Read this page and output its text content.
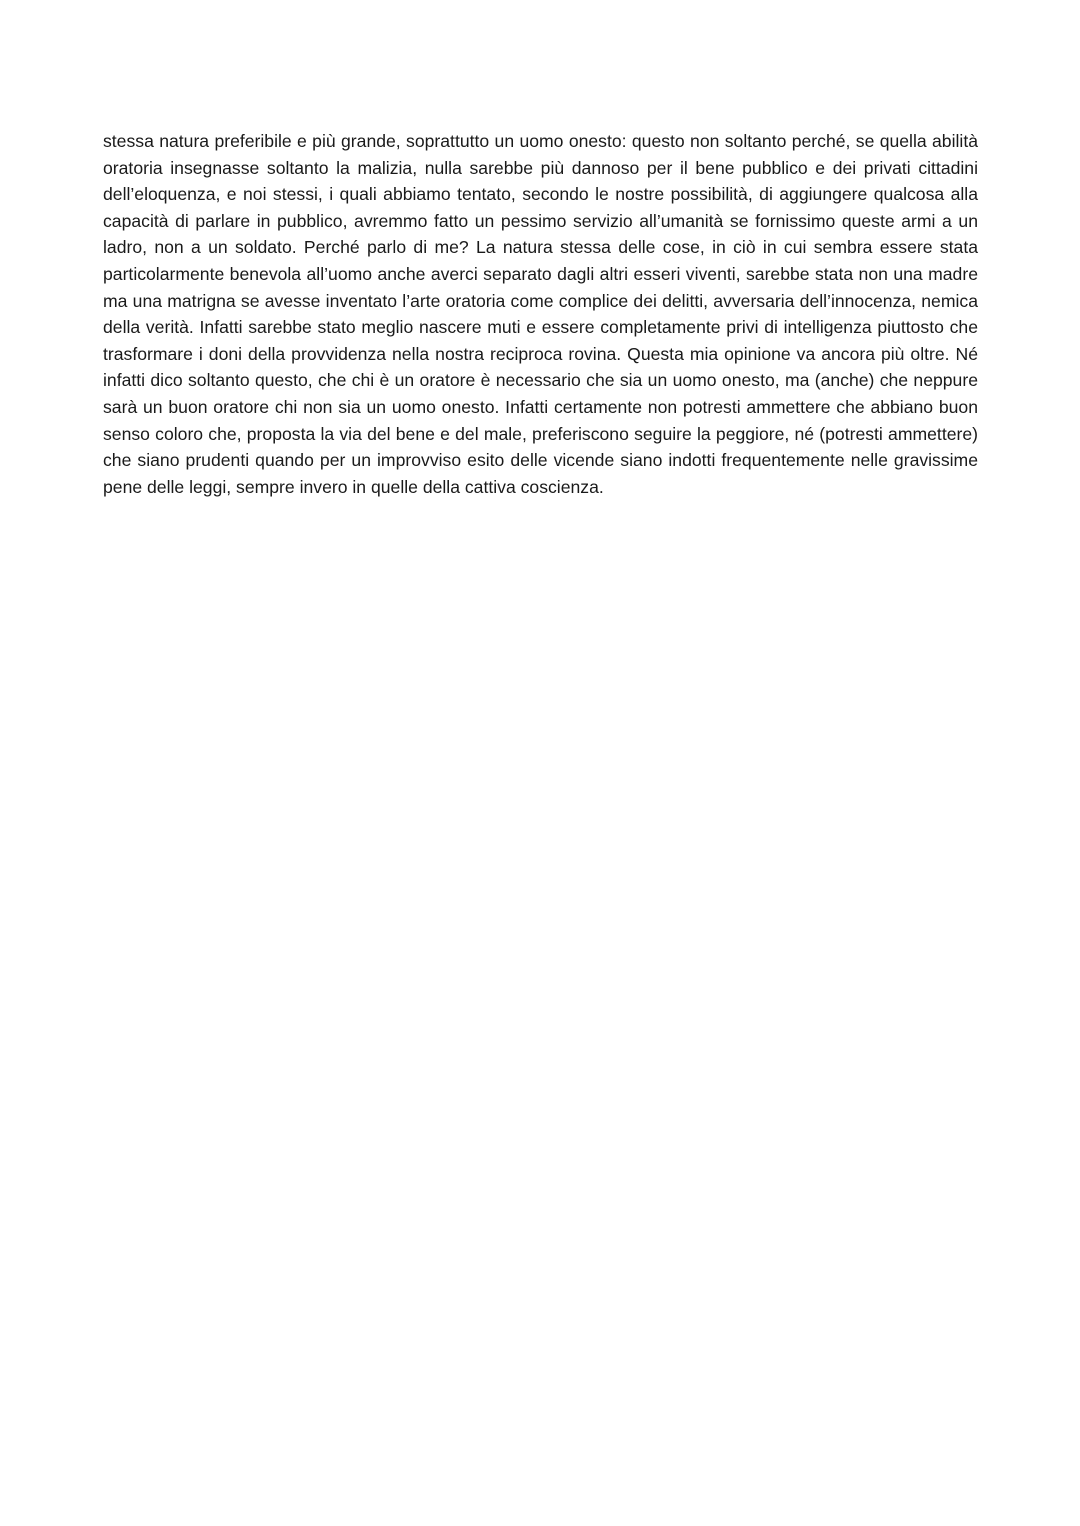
stessa natura preferibile e più grande, soprattutto un uomo onesto: questo non soltanto perché, se quella abilità oratoria insegnasse soltanto la malizia, nulla sarebbe più dannoso per il bene pubblico e dei privati cittadini dell’eloquenza, e noi stessi, i quali abbiamo tentato, secondo le nostre possibilità, di aggiungere qualcosa alla capacità di parlare in pubblico, avremmo fatto un pessimo servizio all’umanità se fornissimo queste armi a un ladro, non a un soldato. Perché parlo di me? La natura stessa delle cose, in ciò in cui sembra essere stata particolarmente benevola all’uomo anche averci separato dagli altri esseri viventi, sarebbe stata non una madre ma una matrigna se avesse inventato l’arte oratoria come complice dei delitti, avversaria dell’innocenza, nemica della verità. Infatti sarebbe stato meglio nascere muti e essere completamente privi di intelligenza piuttosto che trasformare i doni della provvidenza nella nostra reciproca rovina. Questa mia opinione va ancora più oltre. Né infatti dico soltanto questo, che chi è un oratore è necessario che sia un uomo onesto, ma (anche) che neppure sarà un buon oratore chi non sia un uomo onesto. Infatti certamente non potresti ammettere che abbiano buon senso coloro che, proposta la via del bene e del male, preferiscono seguire la peggiore, né (potresti ammettere) che siano prudenti quando per un improvviso esito delle vicende siano indotti frequentemente nelle gravissime pene delle leggi, sempre invero in quelle della cattiva coscienza.
